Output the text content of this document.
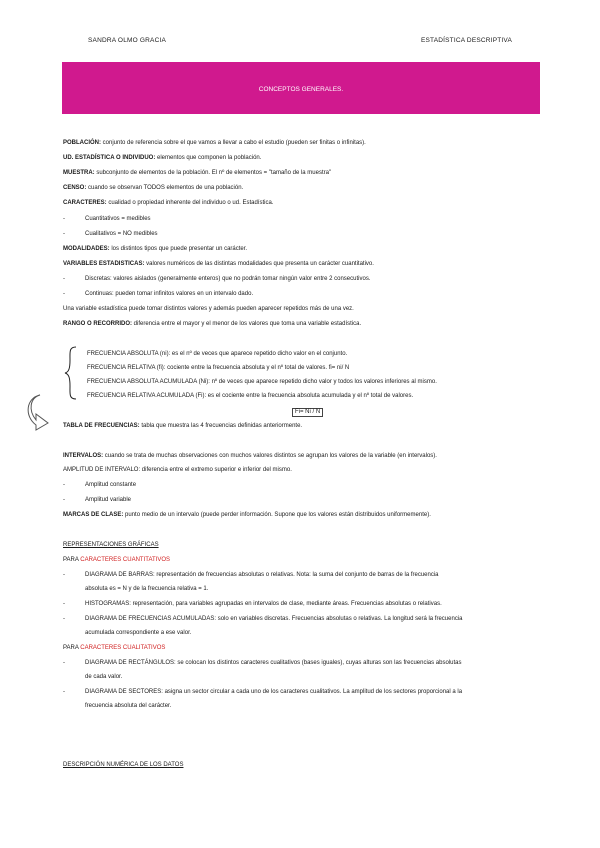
SANDRA OLMO GRACIA	ESTADÍSTICA DESCRIPTIVA
CONCEPTOS GENERALES.
Fi= Ni / N
POBLACIÓN: conjunto de referencia sobre el que vamos a llevar a cabo el estudio (pueden ser finitas o infinitas).
UD. ESTADÍSTICA O INDIVIDUO: elementos que componen la población.
MUESTRA: subconjunto de elementos de la población. El nº de elementos = "tamaño de la muestra"
CENSO: cuando se observan TODOS elementos de una población.
CARACTERES: cualidad o propiedad inherente del individuo o ud. Estadística.
-	Cuantitativos = medibles
-	Cualitativos = NO medibles
MODALIDADES: los distintos tipos que puede presentar un carácter.
VARIABLES ESTADISTICAS: valores numéricos de las distintas modalidades que presenta un carácter cuantitativo.
-	Discretas: valores aislados (generalmente enteros) que no podrán tomar ningún valor entre 2 consecutivos.
-	Continuas: pueden tomar infinitos valores en un intervalo dado.
Una variable estadística puede tomar distintos valores y además pueden aparecer repetidos más de una vez.
RANGO O RECORRIDO: diferencia entre el mayor y el menor de los valores que toma una variable estadística.
FRECUENCIA ABSOLUTA (ni): es el nº de veces que aparece repetido dicho valor en el conjunto.
FRECUENCIA RELATIVA (fi): cociente entre la frecuencia absoluta y el nº total de valores. fi= ni/ N
FRECUENCIA ABSOLUTA ACUMULADA (Ni): nº de veces que aparece repetido dicho valor y todos los valores inferiores al mismo.
FRECUENCIA RELATIVA ACUMULADA (Fi): es el cociente entre la frecuencia absoluta acumulada y el nº total de valores.
TABLA DE FRECUENCIAS: tabla que muestra las 4 frecuencias definidas anteriormente.
INTERVALOS: cuando se trata de muchas observaciones con muchos valores distintos se agrupan los valores de la variable (en intervalos).
AMPLITUD DE INTERVALO: diferencia entre el extremo superior e inferior del mismo.
-	Amplitud constante
-	Amplitud variable
MARCAS DE CLASE: punto medio de un intervalo (puede perder información. Supone que los valores están distribuidos uniformemente).
REPRESENTACIONES GRÁFICAS
PARA CARACTERES CUANTITATIVOS
-	DIAGRAMA DE BARRAS: representación de frecuencias absolutas o relativas. Nota: la suma del conjunto de barras de la frecuencia
absoluta es = N y de la frecuencia relativa = 1.
-	HISTOGRAMAS: representación, para variables agrupadas en intervalos de clase, mediante áreas. Frecuencias absolutas o relativas.
-	DIAGRAMA DE FRECUENCIAS ACUMULADAS: solo en variables discretas. Frecuencias absolutas o relativas. La longitud será la frecuencia
acumulada correspondiente a ese valor.
PARA CARACTERES CUALITATIVOS
-	DIAGRAMA DE RECTÁNGULOS: se colocan los distintos caracteres cualitativos (bases iguales), cuyas alturas son las frecuencias absolutas
de cada valor.
-	DIAGRAMA DE SECTORES: asigna un sector circular a cada uno de los caracteres cualitativos. La amplitud de los sectores proporcional a la
frecuencia absoluta del carácter.
DESCRIPCIÓN NUMÉRICA DE LOS DATOS
